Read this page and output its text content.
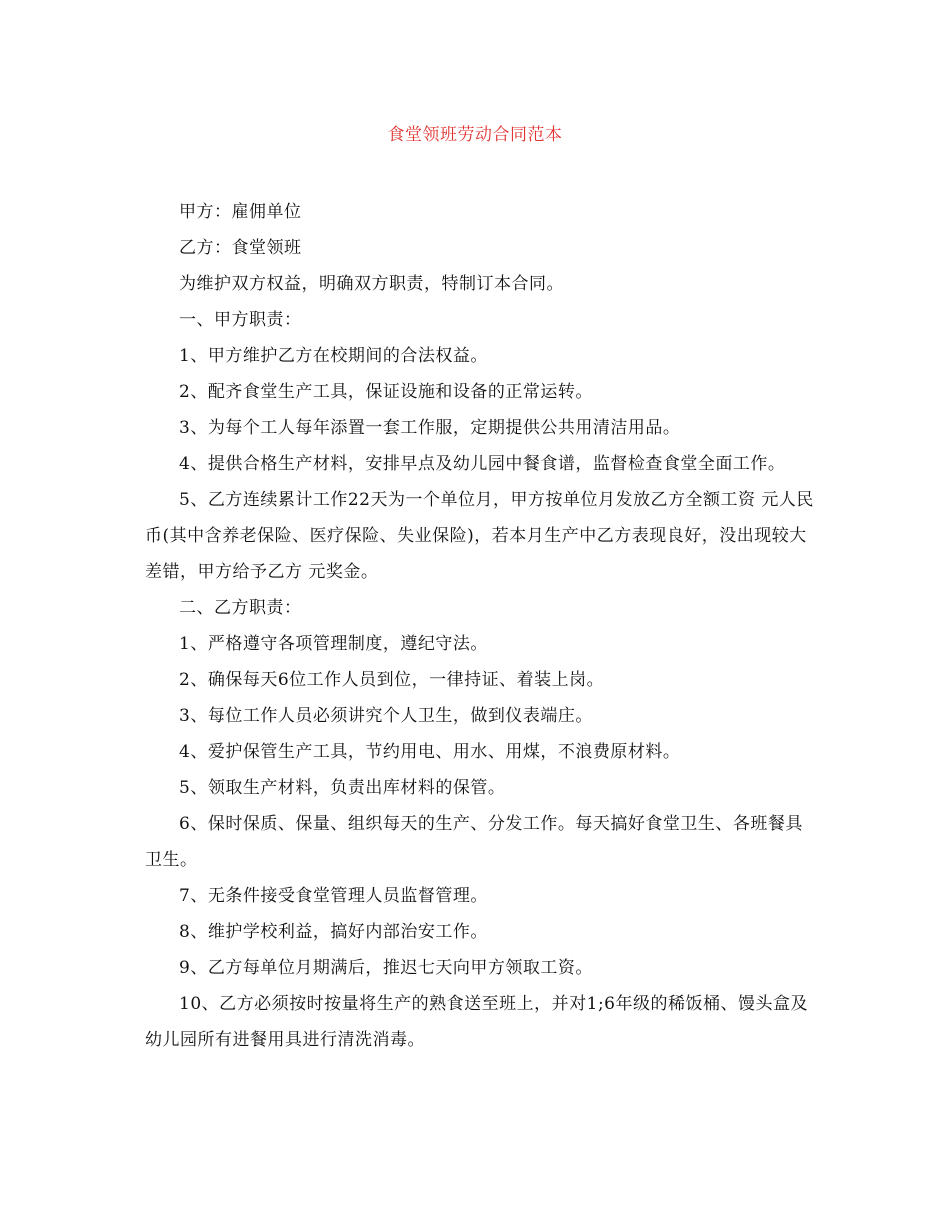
食堂领班劳动合同范本

甲方：雇佣单位

乙方：食堂领班

为维护双方权益，明确双方职责，特制订本合同。

一、甲方职责：

1、甲方维护乙方在校期间的合法权益。

2、配齐食堂生产工具，保证设施和设备的正常运转。

3、为每个工人每年添置一套工作服，定期提供公共用清洁用品。

4、提供合格生产材料，安排早点及幼儿园中餐食谱，监督检查食堂全面工作。

5、乙方连续累计工作22天为一个单位月，甲方按单位月发放乙方全额工资 元人民币(其中含养老保险、医疗保险、失业保险)，若本月生产中乙方表现良好，没出现较大差错，甲方给予乙方 元奖金。

二、乙方职责：

1、严格遵守各项管理制度，遵纪守法。

2、确保每天6位工作人员到位，一律持证、着装上岗。

3、每位工作人员必须讲究个人卫生，做到仪表端庄。

4、爱护保管生产工具，节约用电、用水、用煤，不浪费原材料。

5、领取生产材料，负责出库材料的保管。

6、保时保质、保量、组织每天的生产、分发工作。每天搞好食堂卫生、各班餐具卫生。

7、无条件接受食堂管理人员监督管理。

8、维护学校利益，搞好内部治安工作。

9、乙方每单位月期满后，推迟七天向甲方领取工资。

10、乙方必须按时按量将生产的熟食送至班上，并对1;6年级的稀饭桶、馒头盒及幼儿园所有进餐用具进行清洗消毒。
